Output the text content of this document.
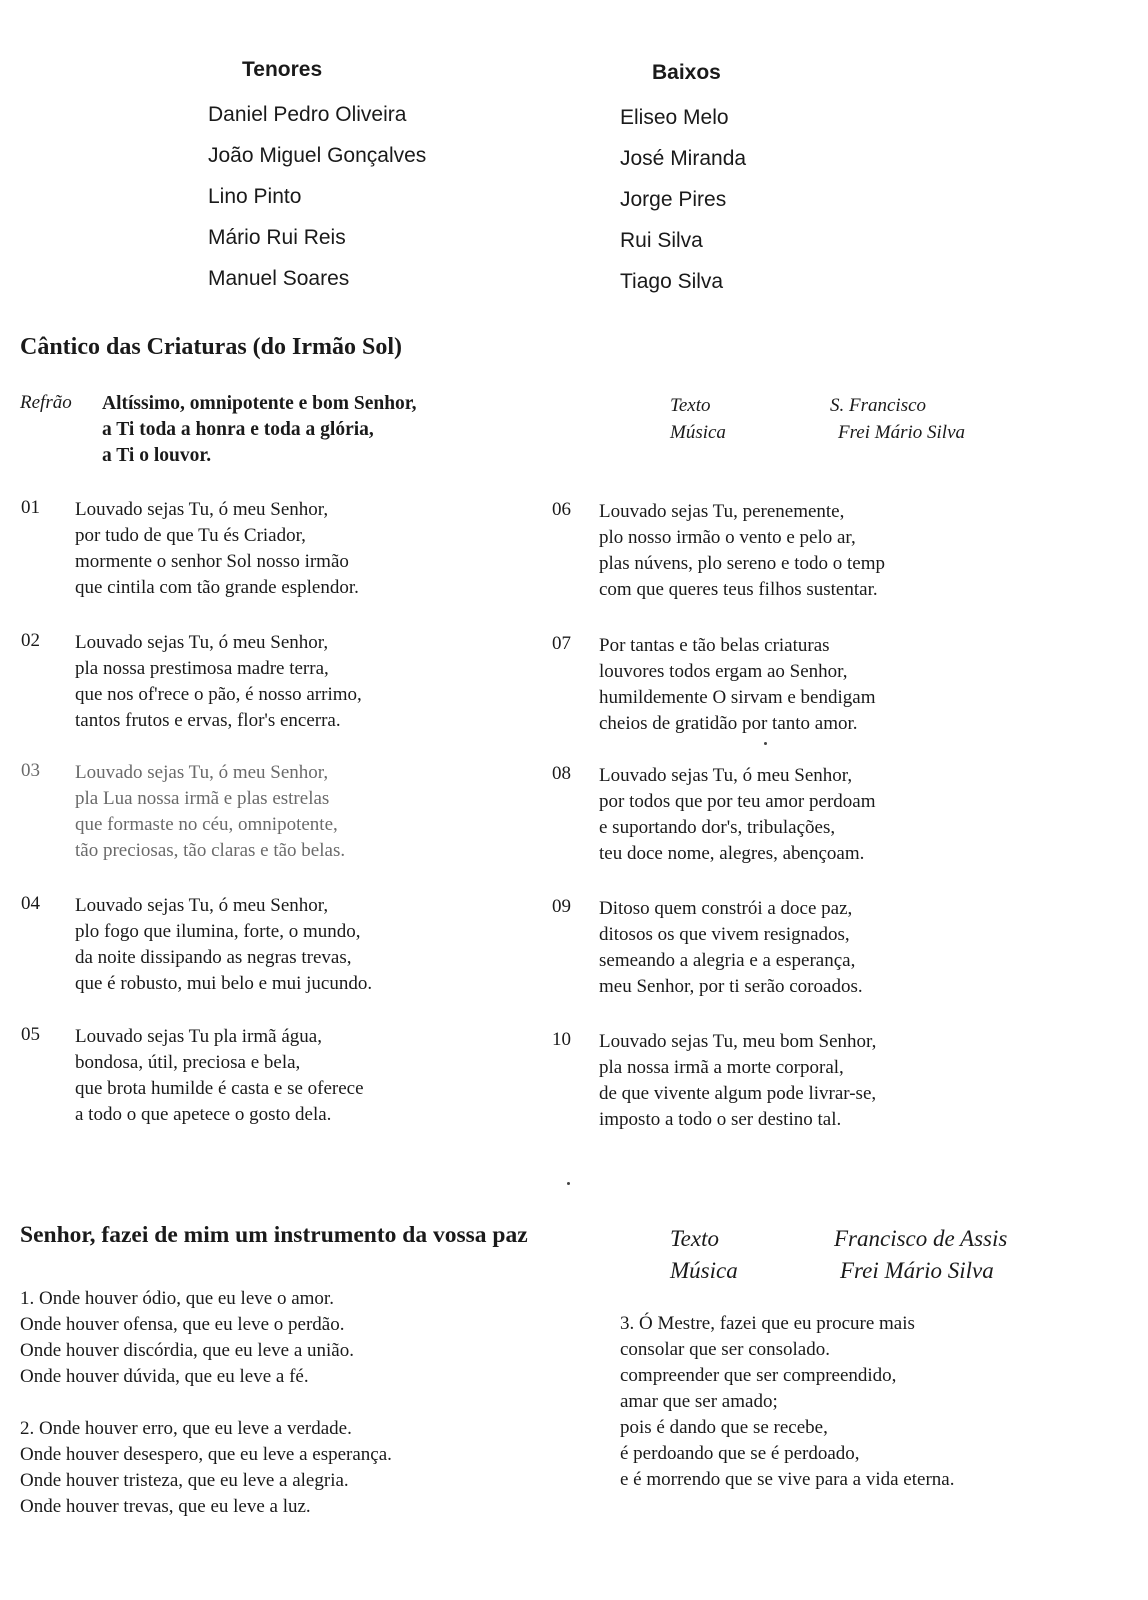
Tenores
Daniel Pedro Oliveira
João Miguel Gonçalves
Lino Pinto
Mário Rui Reis
Manuel Soares
Baixos
Eliseo Melo
José Miranda
Jorge Pires
Rui Silva
Tiago Silva
Cântico das Criaturas (do Irmão Sol)
Refrão Altíssimo, omnipotente e bom Senhor,
a Ti toda a honra e toda a glória,
a Ti o louvor.
Texto	S. Francisco
Música	Frei Mário Silva
01 Louvado sejas Tu, ó meu Senhor,
por tudo de que Tu és Criador,
mormente o senhor Sol nosso irmão
que cintila com tão grande esplendor.
02 Louvado sejas Tu, ó meu Senhor,
pla nossa prestimosa madre terra,
que nos of'rece o pão, é nosso arrimo,
tantos frutos e ervas, flor's encerra.
03 Louvado sejas Tu, ó meu Senhor,
pla Lua nossa irmã e plas estrelas
que formaste no céu, omnipotente,
tão preciosas, tão claras e tão belas.
04 Louvado sejas Tu, ó meu Senhor,
plo fogo que ilumina, forte, o mundo,
da noite dissipando as negras trevas,
que é robusto, mui belo e mui jucundo.
05 Louvado sejas Tu pla irmã água,
bondosa, útil, preciosa e bela,
que brota humilde é casta e se oferece
a todo o que apetece o gosto dela.
06 Louvado sejas Tu, perenemente,
plo nosso irmão o vento e pelo ar,
plas núvens, plo sereno e todo o temp
com que queres teus filhos sustentar.
07 Por tantas e tão belas criaturas
louvores todos ergam ao Senhor,
humildemente O sirvam e bendigam
cheios de gratidão por tanto amor.
08 Louvado sejas Tu, ó meu Senhor,
por todos que por teu amor perdoam
e suportando dor's, tribulações,
teu doce nome, alegres, abençoam.
09 Ditoso quem constrói a doce paz,
ditosos os que vivem resignados,
semeando a alegria e a esperança,
meu Senhor, por ti serão coroados.
10 Louvado sejas Tu, meu bom Senhor,
pla nossa irmã a morte corporal,
de que vivente algum pode livrar-se,
imposto a todo o ser destino tal.
Senhor, fazei de mim um instrumento da vossa paz	Texto	Francisco de Assis
Música	Frei Mário Silva
1. Onde houver ódio, que eu leve o amor.
Onde houver ofensa, que eu leve o perdão.
Onde houver discórdia, que eu leve a união.
Onde houver dúvida, que eu leve a fé.
2. Onde houver erro, que eu leve a verdade.
Onde houver desespero, que eu leve a esperança.
Onde houver tristeza, que eu leve a alegria.
Onde houver trevas, que eu leve a luz.
3. Ó Mestre, fazei que eu procure mais
consolar que ser consolado.
compreender que ser compreendido,
amar que ser amado;
pois é dando que se recebe,
é perdoando que se é perdoado,
e é morrendo que se vive para a vida eterna.
